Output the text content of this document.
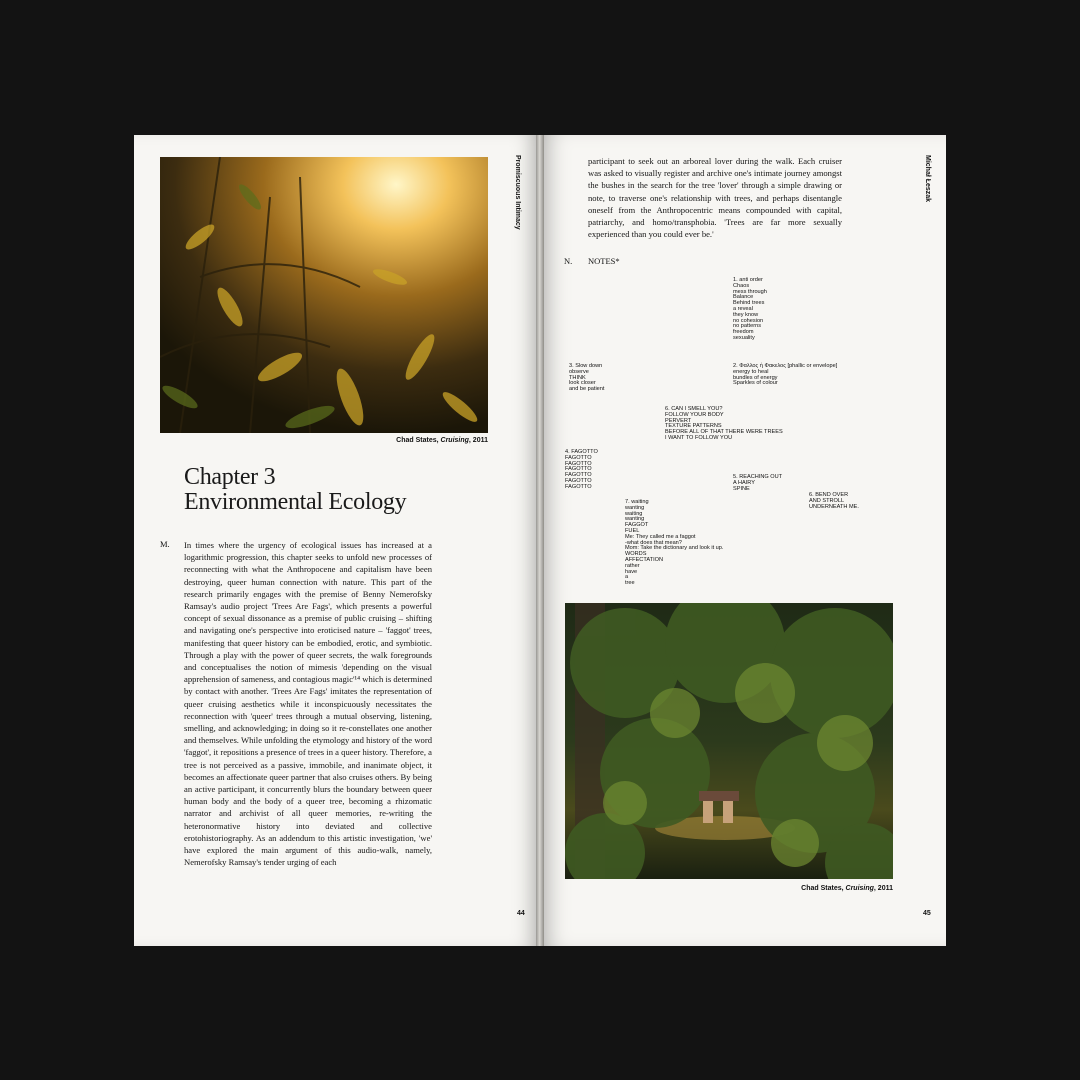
Chad States, Cruising, 2011
Promiscuous Intimacy
Chapter 3
Environmental Ecology
M. In times where the urgency of ecological issues has increased at a logarithmic progression, this chapter seeks to unfold new processes of reconnecting with what the Anthropocene and capitalism have been destroying, queer human connection with nature. This part of the research primarily engages with the premise of Benny Nemerofsky Ramsay's audio project 'Trees Are Fags', which presents a powerful concept of sexual dissonance as a premise of public cruising – shifting and navigating one's perspective into eroticised nature – 'faggot' trees, manifesting that queer history can be embodied, erotic, and symbiotic. Through a play with the power of queer secrets, the walk foregrounds and conceptualises the notion of mimesis 'depending on the visual apprehension of sameness, and contagious magic'¹⁴ which is determined by contact with another. 'Trees Are Fags' imitates the representation of queer cruising aesthetics while it inconspicuously necessitates the reconnection with 'queer' trees through a mutual observing, listening, smelling, and acknowledging; in doing so it re-constellates one another and themselves. While unfolding the etymology and history of the word 'faggot', it repositions a presence of trees in a queer history. Therefore, a tree is not perceived as a passive, immobile, and inanimate object, it becomes an affectionate queer partner that also cruises others. By being an active participant, it concurrently blurs the boundary between queer human body and the body of a queer tree, becoming a rhizomatic narrator and archivist of all queer memories, re-writing the heteronormative history into deviated and collective erotohistoriography. As an addendum to this artistic investigation, 'we' have explored the main argument of this audio-walk, namely, Nemerofsky Ramsay's tender urging of each
44
participant to seek out an arboreal lover during the walk. Each cruiser was asked to visually register and archive one's intimate journey amongst the bushes in the search for the tree 'lover' through a simple drawing or note, to traverse one's relationship with trees, and perhaps disentangle oneself from the Anthropocentric means compounded with capital, patriarchy, and homo/transphobia. 'Trees are far more sexually experienced than you could ever be.'
Michał Łeszak
N. NOTES*
1. anti order
Chaos
mess through
Balance
Behind trees
a reveal
they know
no cohesion
no patterns
freedom
sexuality
2. Φαλλος ή Φακελος [phallic or envelope]
energy to heal
bundles of energy
Sparkles of colour
3. Slow down
observe
THINK
look closer
and be patient
6. CAN I SMELL YOU?
FOLLOW YOUR BODY
PERVERT
TEXTURE PATTERNS
BEFORE ALL OF THAT THERE WERE TREES
I WANT TO FOLLOW YOU
4. FAGOTTO
FAGOTTO
FAGOTTO
FAGOTTO
FAGOTTO
FAGOTTO
FAGOTTO
5. REACHING OUT
A HAIRY
SPINE
6. BEND OVER
AND STROLL
UNDERNEATH ME.
7. waiting
wanting
waiting
wanting
FAGGOT
FUEL
Me: They called me a faggot
-what does that mean?
Mom: Take the dictionary and look it up.
WORDS
AFFECTATION
rather
have
a
tree
Chad States, Cruising, 2011
45
